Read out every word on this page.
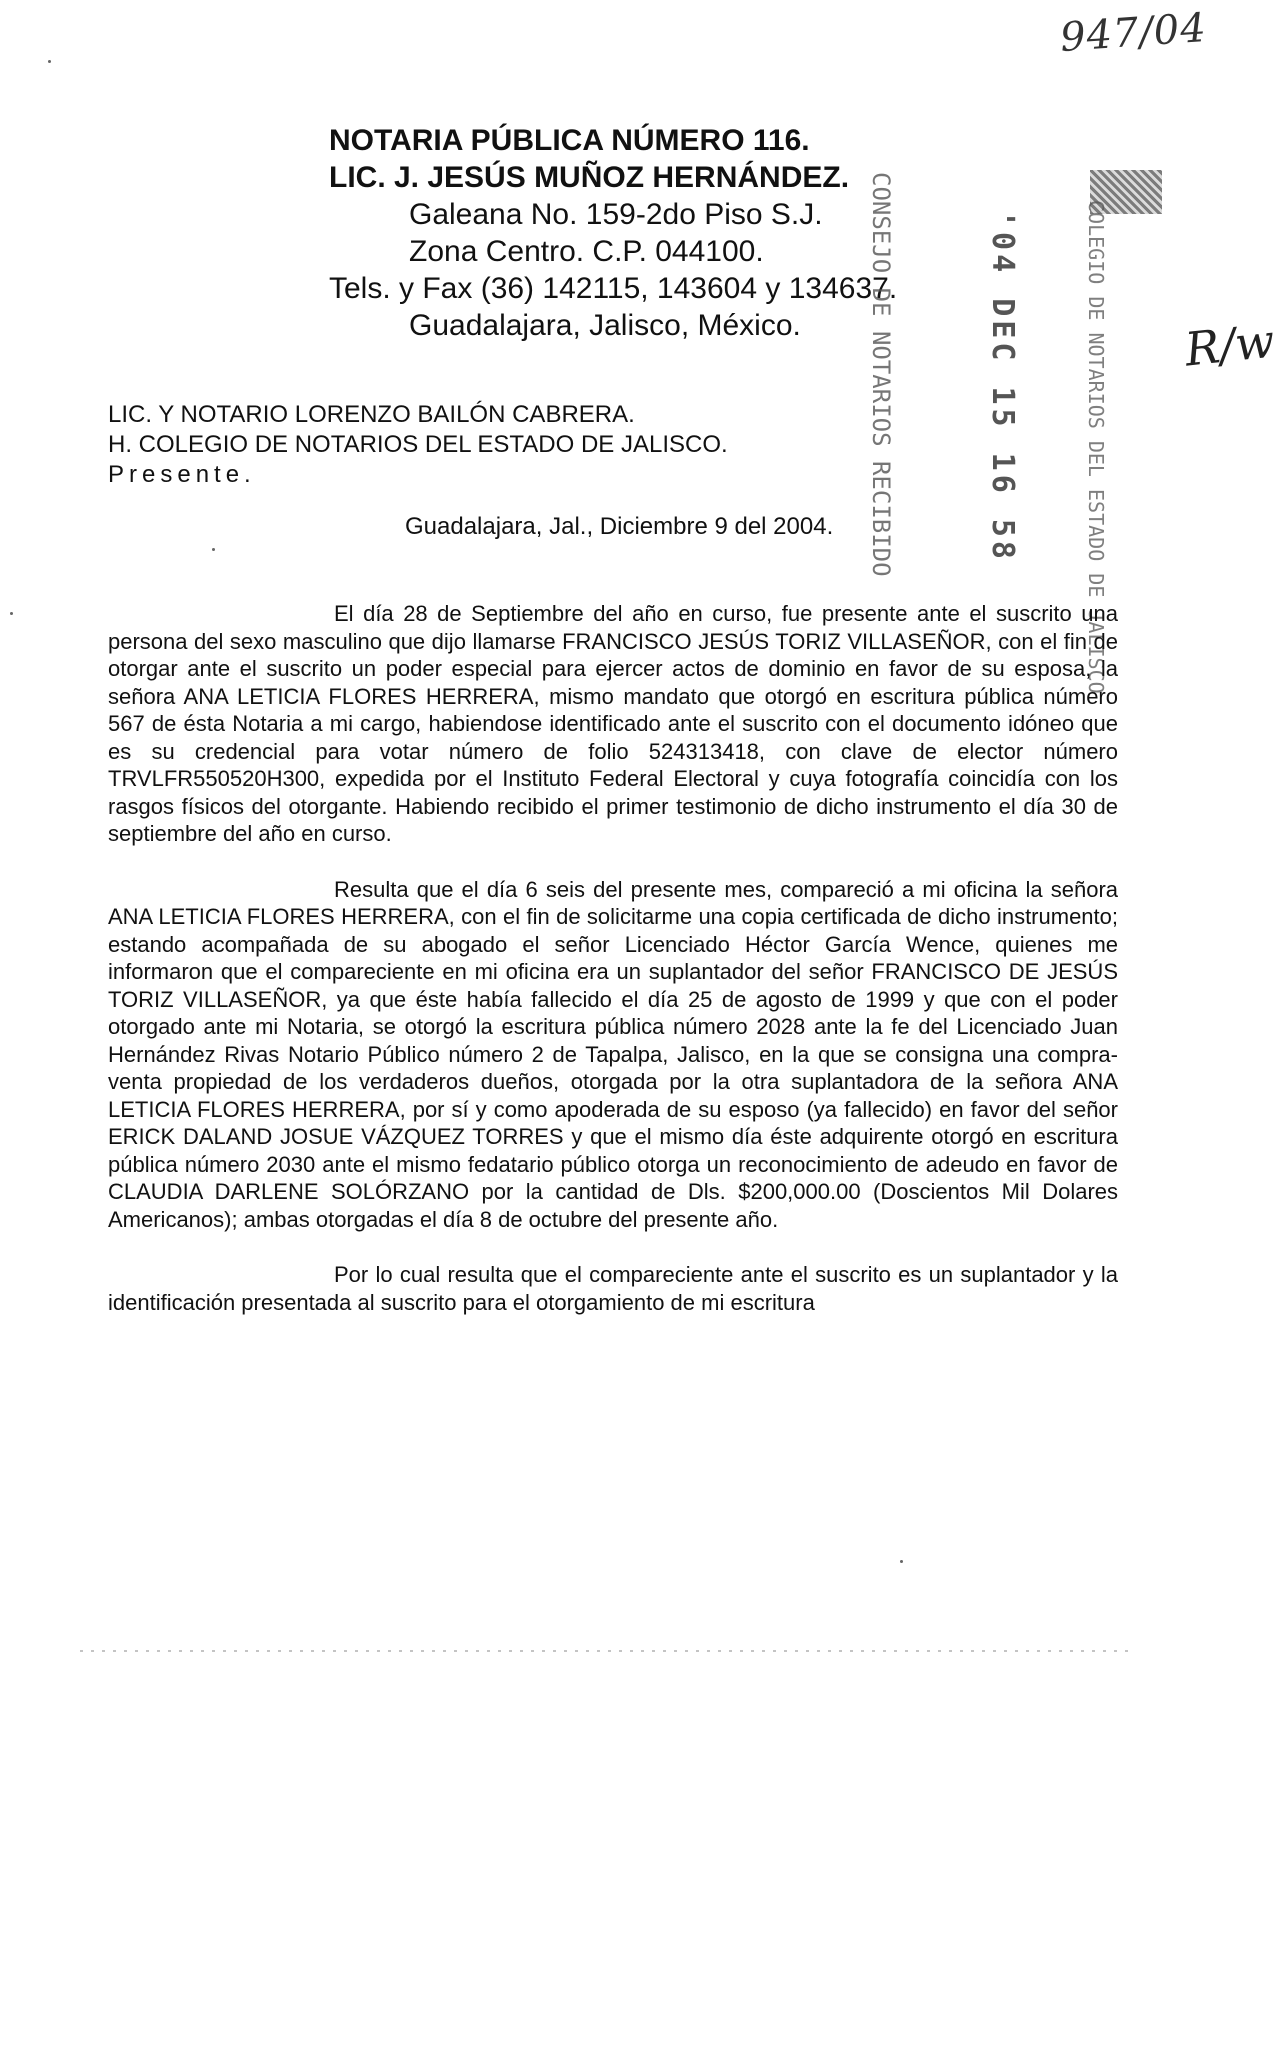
947/04
NOTARIA PÚBLICA NÚMERO 116.
LIC. J. JESÚS MUÑOZ HERNÁNDEZ.
Galeana No. 159-2do Piso S.J.
Zona Centro. C.P. 044100.
Tels. y Fax (36) 142115, 143604 y 134637.
Guadalajara, Jalisco, México.	CONSEJO DE NOTARIOS RECIBIDO	'04 DEC 15 16 58	COLEGIO DE NOTARIOS DEL ESTADO DE JALISCO R/w
LIC. Y NOTARIO LORENZO BAILÓN CABRERA.
H. COLEGIO DE NOTARIOS DEL ESTADO DE JALISCO.
Presente.
Guadalajara, Jal., Diciembre 9 del 2004.

El día 28 de Septiembre del año en curso, fue presente ante el suscrito una persona del sexo masculino que dijo llamarse FRANCISCO JESÚS TORIZ VILLASEÑOR, con el fin de otorgar ante el suscrito un poder especial para ejercer actos de dominio en favor de su esposa, la señora ANA LETICIA FLORES HERRERA, mismo mandato que otorgó en escritura pública número 567 de ésta Notaria a mi cargo, habiendose identificado ante el suscrito con el documento idóneo que es su credencial para votar número de folio 524313418, con clave de elector número TRVLFR550520H300, expedida por el Instituto Federal Electoral y cuya fotografía coincidía con los rasgos físicos del otorgante. Habiendo recibido el primer testimonio de dicho instrumento el día 30 de septiembre del año en curso.

Resulta que el día 6 seis del presente mes, compareció a mi oficina la señora ANA LETICIA FLORES HERRERA, con el fin de solicitarme una copia certificada de dicho instrumento; estando acompañada de su abogado el señor Licenciado Héctor García Wence, quienes me informaron que el compareciente en mi oficina era un suplantador del señor FRANCISCO DE JESÚS TORIZ VILLASEÑOR, ya que éste había fallecido el día 25 de agosto de 1999 y que con el poder otorgado ante mi Notaria, se otorgó la escritura pública número 2028 ante la fe del Licenciado Juan Hernández Rivas Notario Público número 2 de Tapalpa, Jalisco, en la que se consigna una compra-venta propiedad de los verdaderos dueños, otorgada por la otra suplantadora de la señora ANA LETICIA FLORES HERRERA, por sí y como apoderada de su esposo (ya fallecido) en favor del señor ERICK DALAND JOSUE VÁZQUEZ TORRES y que el mismo día éste adquirente otorgó en escritura pública número 2030 ante el mismo fedatario público otorga un reconocimiento de adeudo en favor de CLAUDIA DARLENE SOLÓRZANO por la cantidad de Dls. $200,000.00 (Doscientos Mil Dolares Americanos); ambas otorgadas el día 8 de octubre del presente año.

Por lo cual resulta que el compareciente ante el suscrito es un suplantador y la identificación presentada al suscrito para el otorgamiento de mi escritura
